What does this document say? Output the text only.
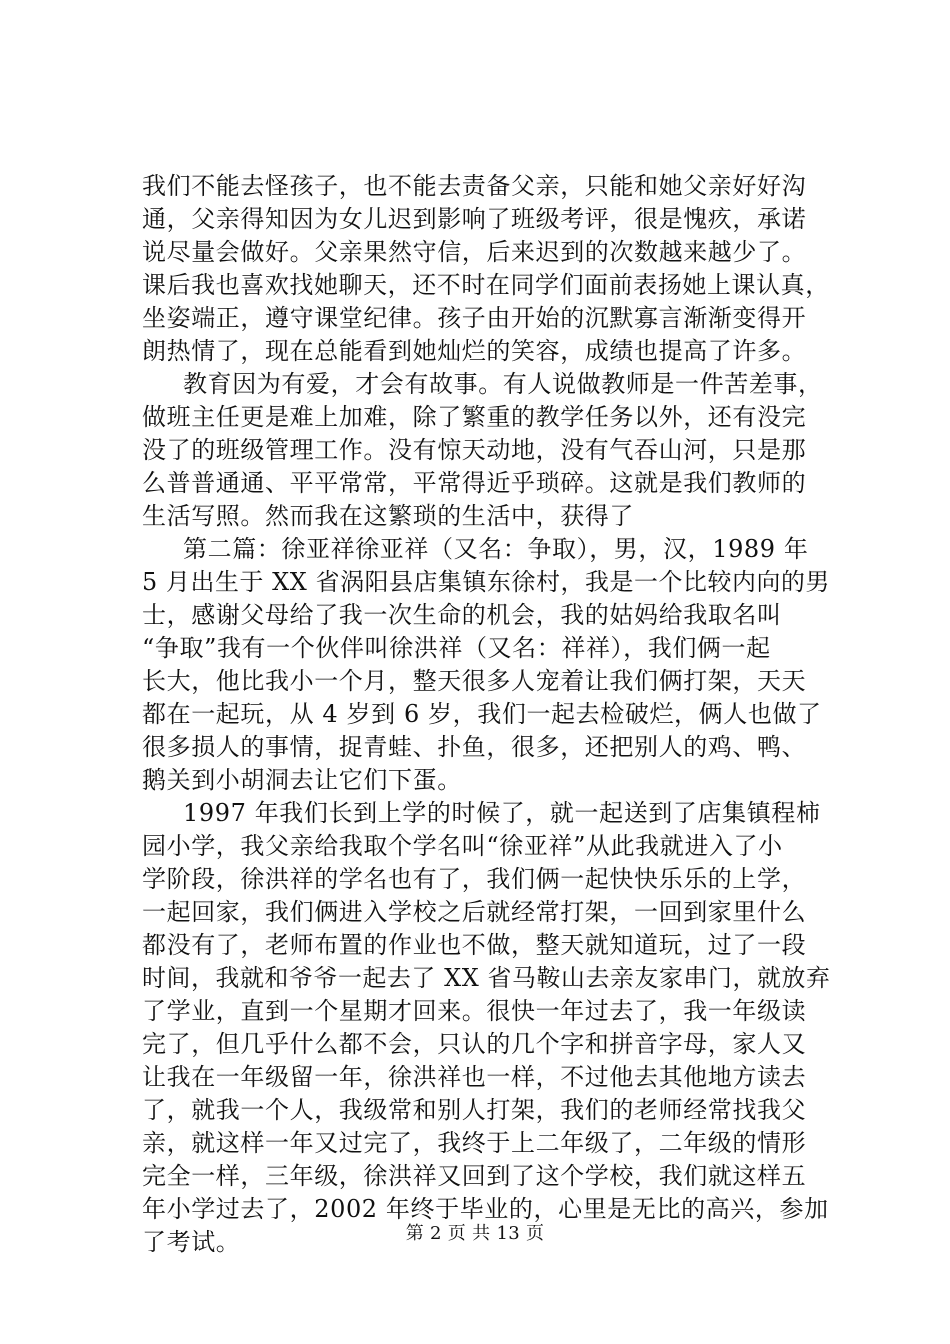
我们不能去怪孩子，也不能去责备父亲，只能和她父亲好好沟
通，父亲得知因为女儿迟到影响了班级考评，很是愧疚，承诺
说尽量会做好。父亲果然守信，后来迟到的次数越来越少了。
课后我也喜欢找她聊天，还不时在同学们面前表扬她上课认真，
坐姿端正，遵守课堂纪律。孩子由开始的沉默寡言渐渐变得开
朗热情了，现在总能看到她灿烂的笑容，成绩也提高了许多。
教育因为有爱，才会有故事。有人说做教师是一件苦差事，
做班主任更是难上加难，除了繁重的教学任务以外，还有没完
没了的班级管理工作。没有惊天动地，没有气吞山河，只是那
么普普通通、平平常常，平常得近乎琐碎。这就是我们教师的
生活写照。然而我在这繁琐的生活中，获得了
第二篇：徐亚祥徐亚祥（又名：争取），男，汉，1989 年
5 月出生于 XX 省涡阳县店集镇东徐村，我是一个比较内向的男
士，感谢父母给了我一次生命的机会，我的姑妈给我取名叫
“争取”我有一个伙伴叫徐洪祥（又名：祥祥），我们俩一起
长大，他比我小一个月，整天很多人宠着让我们俩打架，天天
都在一起玩，从 4 岁到 6 岁，我们一起去检破烂，俩人也做了
很多损人的事情，捉青蛙、扑鱼，很多，还把别人的鸡、鸭、
鹅关到小胡洞去让它们下蛋。
1997 年我们长到上学的时候了，就一起送到了店集镇程柿
园小学，我父亲给我取个学名叫“徐亚祥”从此我就进入了小
学阶段，徐洪祥的学名也有了，我们俩一起快快乐乐的上学，
一起回家，我们俩进入学校之后就经常打架，一回到家里什么
都没有了，老师布置的作业也不做，整天就知道玩，过了一段
时间，我就和爷爷一起去了 XX 省马鞍山去亲友家串门，就放弃
了学业，直到一个星期才回来。很快一年过去了，我一年级读
完了，但几乎什么都不会，只认的几个字和拼音字母，家人又
让我在一年级留一年，徐洪祥也一样，不过他去其他地方读去
了，就我一个人，我级常和别人打架，我们的老师经常找我父
亲，就这样一年又过完了，我终于上二年级了，二年级的情形
完全一样，三年级，徐洪祥又回到了这个学校，我们就这样五
年小学过去了，2002 年终于毕业的，心里是无比的高兴，参加
了考试。	第 2 页 共 13 页
